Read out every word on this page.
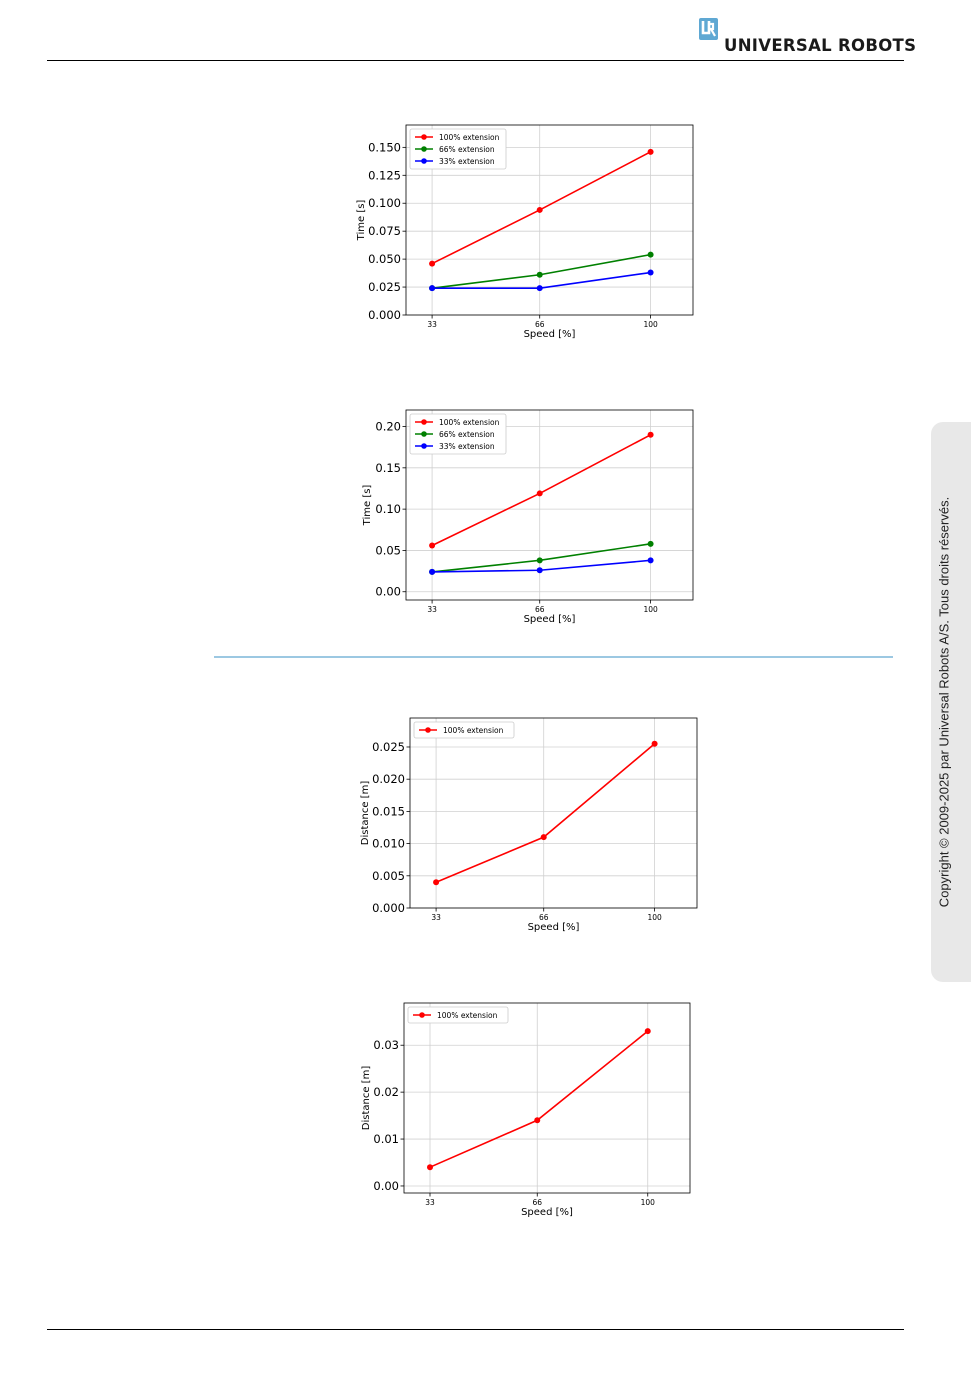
UNIVERSAL ROBOTS
0.000
0.025
0.050
0.075
0.100
0.125
0.150
33	66	100
Speed [%]
Time [s]
100% extension
66% extension
33% extension
0.00
0.05
0.10
0.15
0.20
33	66	100
Speed [%]
Time [s]
100% extension
66% extension
33% extension
0.000
0.005
0.010
0.015
0.020
0.025
33	66	100
Speed [%]
Distance [m]
100% extension
0.00
0.01
0.02
0.03
33	66	100
Speed [%]
Distance [m]
100% extension
Copyright © 2009-2025 par Universal Robots A/S. Tous droits réservés.
